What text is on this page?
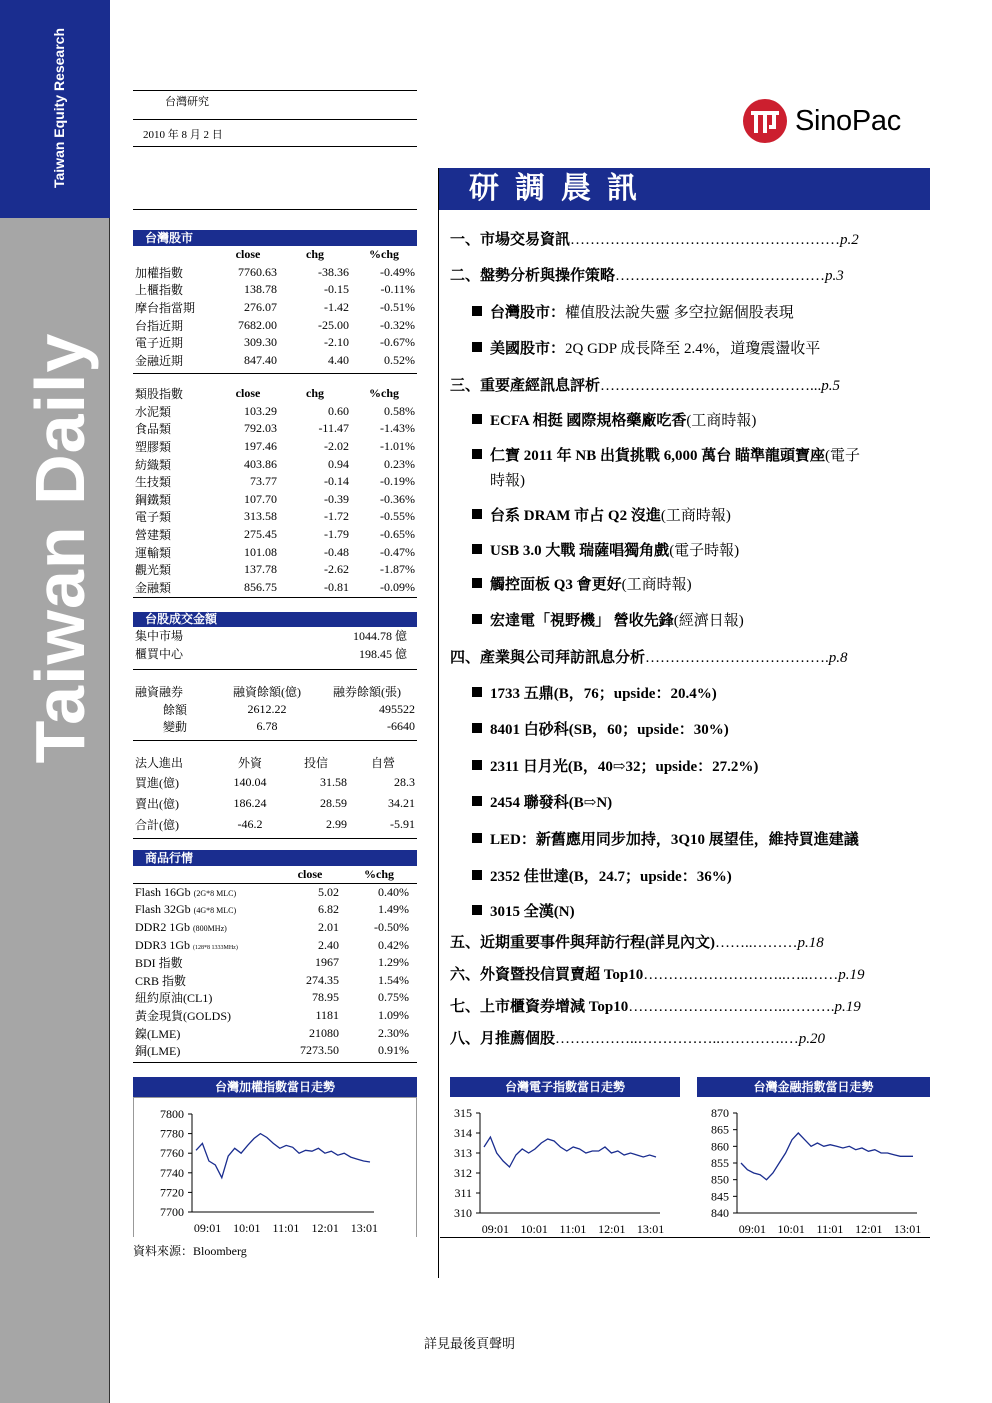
Taiwan Equity Research
Taiwan Daily
台灣研究
2010 年 8 月 2 日	SinoPac
研調晨訊
台灣股市
	close	chg	%chg
加權指數	7760.63	-38.36	-0.49%
上櫃指數	138.78	-0.15	-0.11%
摩台指當期	276.07	-1.42	-0.51%
台指近期	7682.00	-25.00	-0.32%
電子近期	309.30	-2.10	-0.67%
金融近期	847.40	4.40	0.52%
類股指數	close	chg	%chg
水泥類	103.29	0.60	0.58%
食品類	792.03	-11.47	-1.43%
塑膠類	197.46	-2.02	-1.01%
紡織類	403.86	0.94	0.23%
生技類	73.77	-0.14	-0.19%
鋼鐵類	107.70	-0.39	-0.36%
電子類	313.58	-1.72	-0.55%
營建類	275.45	-1.79	-0.65%
運輸類	101.08	-0.48	-0.47%
觀光類	137.78	-2.62	-1.87%
金融類	856.75	-0.81	-0.09%
台股成交金額
集中市場	1044.78 億
櫃買中心	198.45 億
融資融券	融資餘額(億)	融券餘額(張)
餘額	2612.22	495522
變動	6.78	-6640
法人進出	外資	投信	自營
買進(億)	140.04	31.58	28.3
賣出(億)	186.24	28.59	34.21
合計(億)	-46.2	2.99	-5.91
商品行情
	close	%chg
Flash 16Gb (2G*8 MLC)	5.02	0.40%
Flash 32Gb (4G*8 MLC)	6.82	1.49%
DDR2 1Gb (800MHz)	2.01	-0.50%
DDR3 1Gb (128*8 1333MHz)	2.40	0.42%
BDI 指數	1967	1.29%
CRB 指數	274.35	1.54%
紐約原油(CL1)	78.95	0.75%
黃金現貨(GOLDS)	1181	1.09%
鎳(LME)	21080	2.30%
銅(LME)	7273.50	0.91%
一、市場交易資訊………………………………………………p.2
二、盤勢分析與操作策略……………………………………p.3
台灣股市：權值股法說失靈 多空拉鋸個股表現
美國股市：2Q GDP 成長降至 2.4%，道瓊震盪收平
三、重要產經訊息評析……………………………………...p.5
ECFA 相挺 國際規格藥廠吃香(工商時報)
仁寶 2011 年 NB 出貨挑戰 6,000 萬台 瞄準龍頭寶座(電子
時報)
台系 DRAM 市占 Q2 沒進(工商時報)
USB 3.0 大戰 瑞薩唱獨角戲(電子時報)
觸控面板 Q3 會更好(工商時報)
宏達電「視野機」 營收先鋒(經濟日報)
四、產業與公司拜訪訊息分析……………………………….p.8
1733 五鼎(B，76；upside：20.4%)
8401 白砂科(SB，60；upside：30%)
2311 日月光(B，40⇨32；upside：27.2%)
2454 聯發科(B⇨N)
LED：新舊應用同步加持，3Q10 展望佳，維持買進建議
2352 佳世達(B，24.7；upside：36%)
3015 全漢(N)
五、近期重要事件與拜訪行程(詳見內文)……..………p.18
六、外資暨投信買賣超 Top10………………………..…..……p.19
七、上市櫃資券增減 Top10…………………………..……….p.19
八、月推薦個股……………..……………..………….…p.20
台灣加權指數當日走勢
7800
7780
7760
7740
7720
7700
09:01 10:01 11:01 12:01 13:01
台灣電子指數當日走勢
315
314
313
312
311
310
09:01 10:01 11:01 12:01 13:01
台灣金融指數當日走勢
870
865
860
855
850
845
840
09:01 10:01 11:01 12:01 13:01
資料來源：Bloomberg
詳見最後頁聲明
